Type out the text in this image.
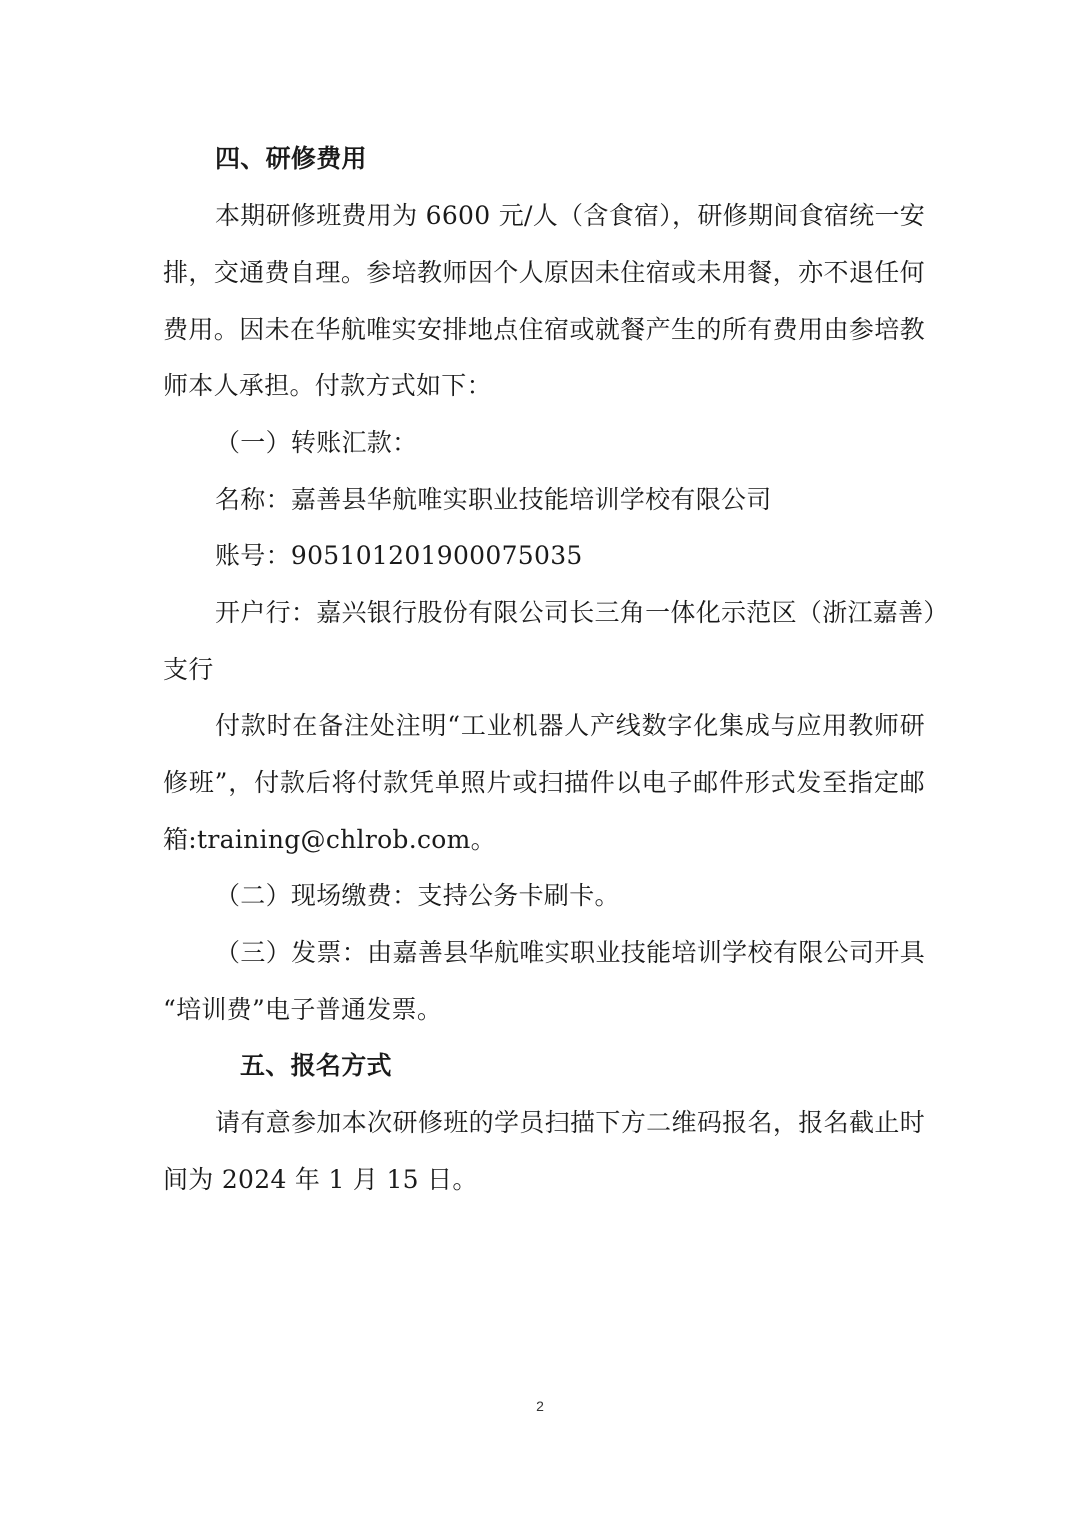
四、研修费用
本期研修班费用为 6600 元/人（含食宿），研修期间食宿统一安
排，交通费自理。参培教师因个人原因未住宿或未用餐，亦不退任何
费用。因未在华航唯实安排地点住宿或就餐产生的所有费用由参培教
师本人承担。付款方式如下：
（一）转账汇款：
名称：嘉善县华航唯实职业技能培训学校有限公司
账号：905101201900075035
开户行：嘉兴银行股份有限公司长三角一体化示范区（浙江嘉善）
支行
付款时在备注处注明“工业机器人产线数字化集成与应用教师研
修班”，付款后将付款凭单照片或扫描件以电子邮件形式发至指定邮
箱:training@chlrob.com。
（二）现场缴费：支持公务卡刷卡。
（三）发票：由嘉善县华航唯实职业技能培训学校有限公司开具
“培训费”电子普通发票。
五、报名方式
请有意参加本次研修班的学员扫描下方二维码报名，报名截止时
间为 2024 年 1 月 15 日。
2
